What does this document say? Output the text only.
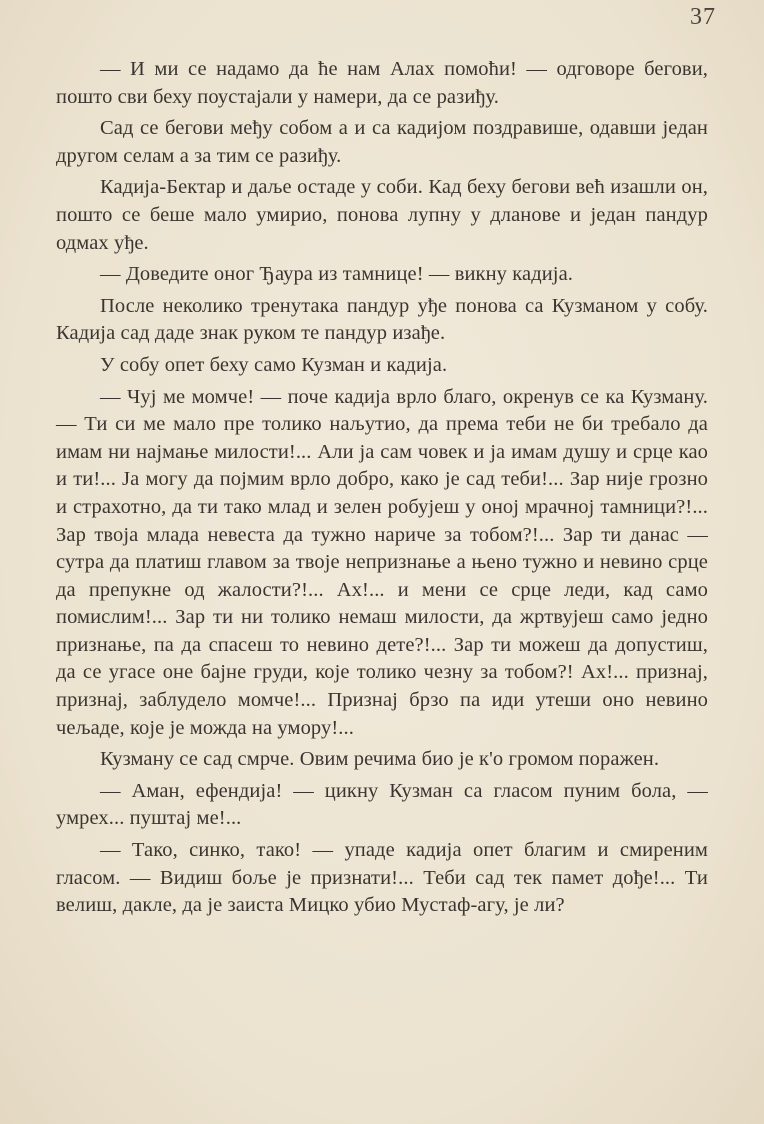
37

— И ми се надамо да ће нам Алах помоћи! — одговоре бегови, пошто сви беху поустајали у намери, да се разиђу.

Сад се бегови међу собом а и са кадијом поздравише, одавши један другом селам а за тим се разиђу.

Кадија-Бектар и даље остаде у соби. Кад беху бегови већ изашли он, пошто се беше мало умирио, понова лупну у дланове и један пандур одмах уђе.

— Доведите оног Ђаура из тамнице! — викну кадија.

После неколико тренутака пандур уђе понова са Кузманом у собу. Кадија сад даде знак руком те пандур изађе.

У собу опет беху само Кузман и кадија.

— Чуј ме момче! — поче кадија врло благо, окренув се ка Кузману. — Ти си ме мало пре толико наљутио, да према теби не би требало да имам ни најмање милости!... Али ја сам човек и ја имам душу и срце као и ти!... Ја могу да појмим врло добро, како је сад теби!... Зар није грозно и страхотно, да ти тако млад и зелен робујеш у оној мрачној тамници?!... Зар твоја млада невеста да тужно нариче за тобом?!... Зар ти данас — сутра да платиш главом за твоје непризнање а њено тужно и невино срце да препукне од жалости?!... Ах!... и мени се срце леди, кад само помислим!... Зар ти ни толико немаш милости, да жртвујеш само једно признање, па да спасеш то невино дете?!... Зар ти можеш да допустиш, да се угасе оне бајне груди, које толико чезну за тобом?! Ах!... признај, признај, заблудело момче!... Признај брзо па иди утеши оно невино чељаде, које је можда на умору!...

Кузману се сад смрче. Овим речима био је к'о громом поражен.

— Аман, ефендија! — цикну Кузман са гласом пуним бола, — умрех... пуштај ме!...

— Тако, синко, тако! — упаде кадија опет благим и смиреним гласом. — Видиш боље је признати!... Теби сад тек памет дође!... Ти велиш, дакле, да је заиста Мицко убио Мустаф-агу, је ли?
